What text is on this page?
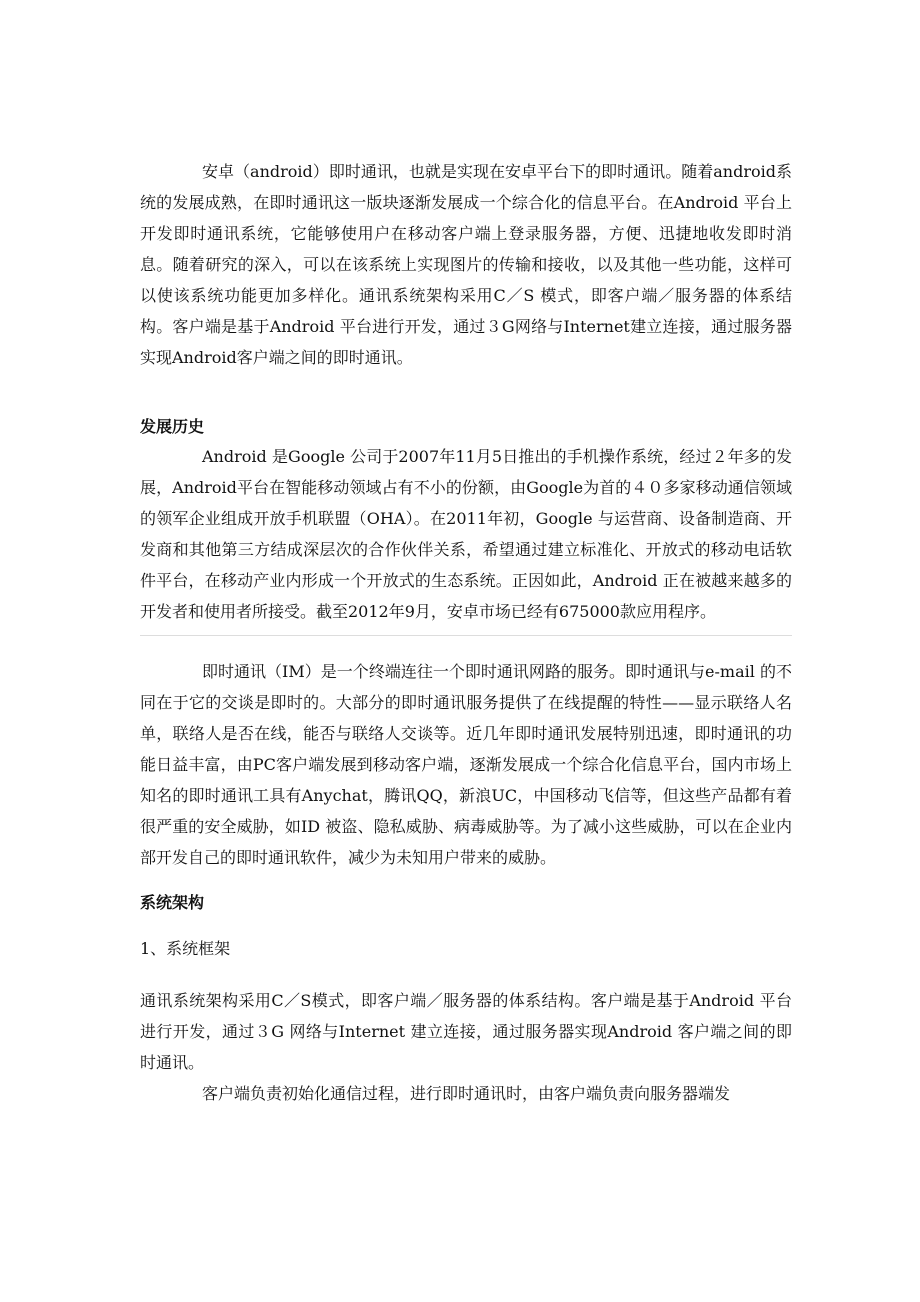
安卓（android）即时通讯，也就是实现在安卓平台下的即时通讯。随着android系统的发展成熟，在即时通讯这一版块逐渐发展成一个综合化的信息平台。在Android 平台上开发即时通讯系统，它能够使用户在移动客户端上登录服务器，方便、迅捷地收发即时消息。随着研究的深入，可以在该系统上实现图片的传输和接收，以及其他一些功能，这样可以使该系统功能更加多样化。通讯系统架构采用C／S 模式，即客户端／服务器的体系结构。客户端是基于Android 平台进行开发，通过３G网络与Internet建立连接，通过服务器实现Android客户端之间的即时通讯。

发展历史

Android 是Google 公司于2007年11月5日推出的手机操作系统，经过２年多的发展，Android平台在智能移动领域占有不小的份额，由Google为首的４０多家移动通信领域的领军企业组成开放手机联盟（OHA）。在2011年初，Google 与运营商、设备制造商、开发商和其他第三方结成深层次的合作伙伴关系，希望通过建立标准化、开放式的移动电话软件平台，在移动产业内形成一个开放式的生态系统。正因如此，Android 正在被越来越多的开发者和使用者所接受。截至2012年9月，安卓市场已经有675000款应用程序。

即时通讯（IM）是一个终端连往一个即时通讯网路的服务。即时通讯与e-mail 的不同在于它的交谈是即时的。大部分的即时通讯服务提供了在线提醒的特性——显示联络人名单，联络人是否在线，能否与联络人交谈等。近几年即时通讯发展特别迅速，即时通讯的功能日益丰富，由PC客户端发展到移动客户端，逐渐发展成一个综合化信息平台，国内市场上知名的即时通讯工具有Anychat，腾讯QQ，新浪UC，中国移动飞信等，但这些产品都有着很严重的安全威胁，如ID 被盗、隐私威胁、病毒威胁等。为了减小这些威胁，可以在企业内部开发自己的即时通讯软件，减少为未知用户带来的威胁。

系统架构

1、系统框架

通讯系统架构采用C／S模式，即客户端／服务器的体系结构。客户端是基于Android 平台进行开发，通过３G 网络与Internet 建立连接，通过服务器实现Android 客户端之间的即时通讯。

客户端负责初始化通信过程，进行即时通讯时，由客户端负责向服务器端发
